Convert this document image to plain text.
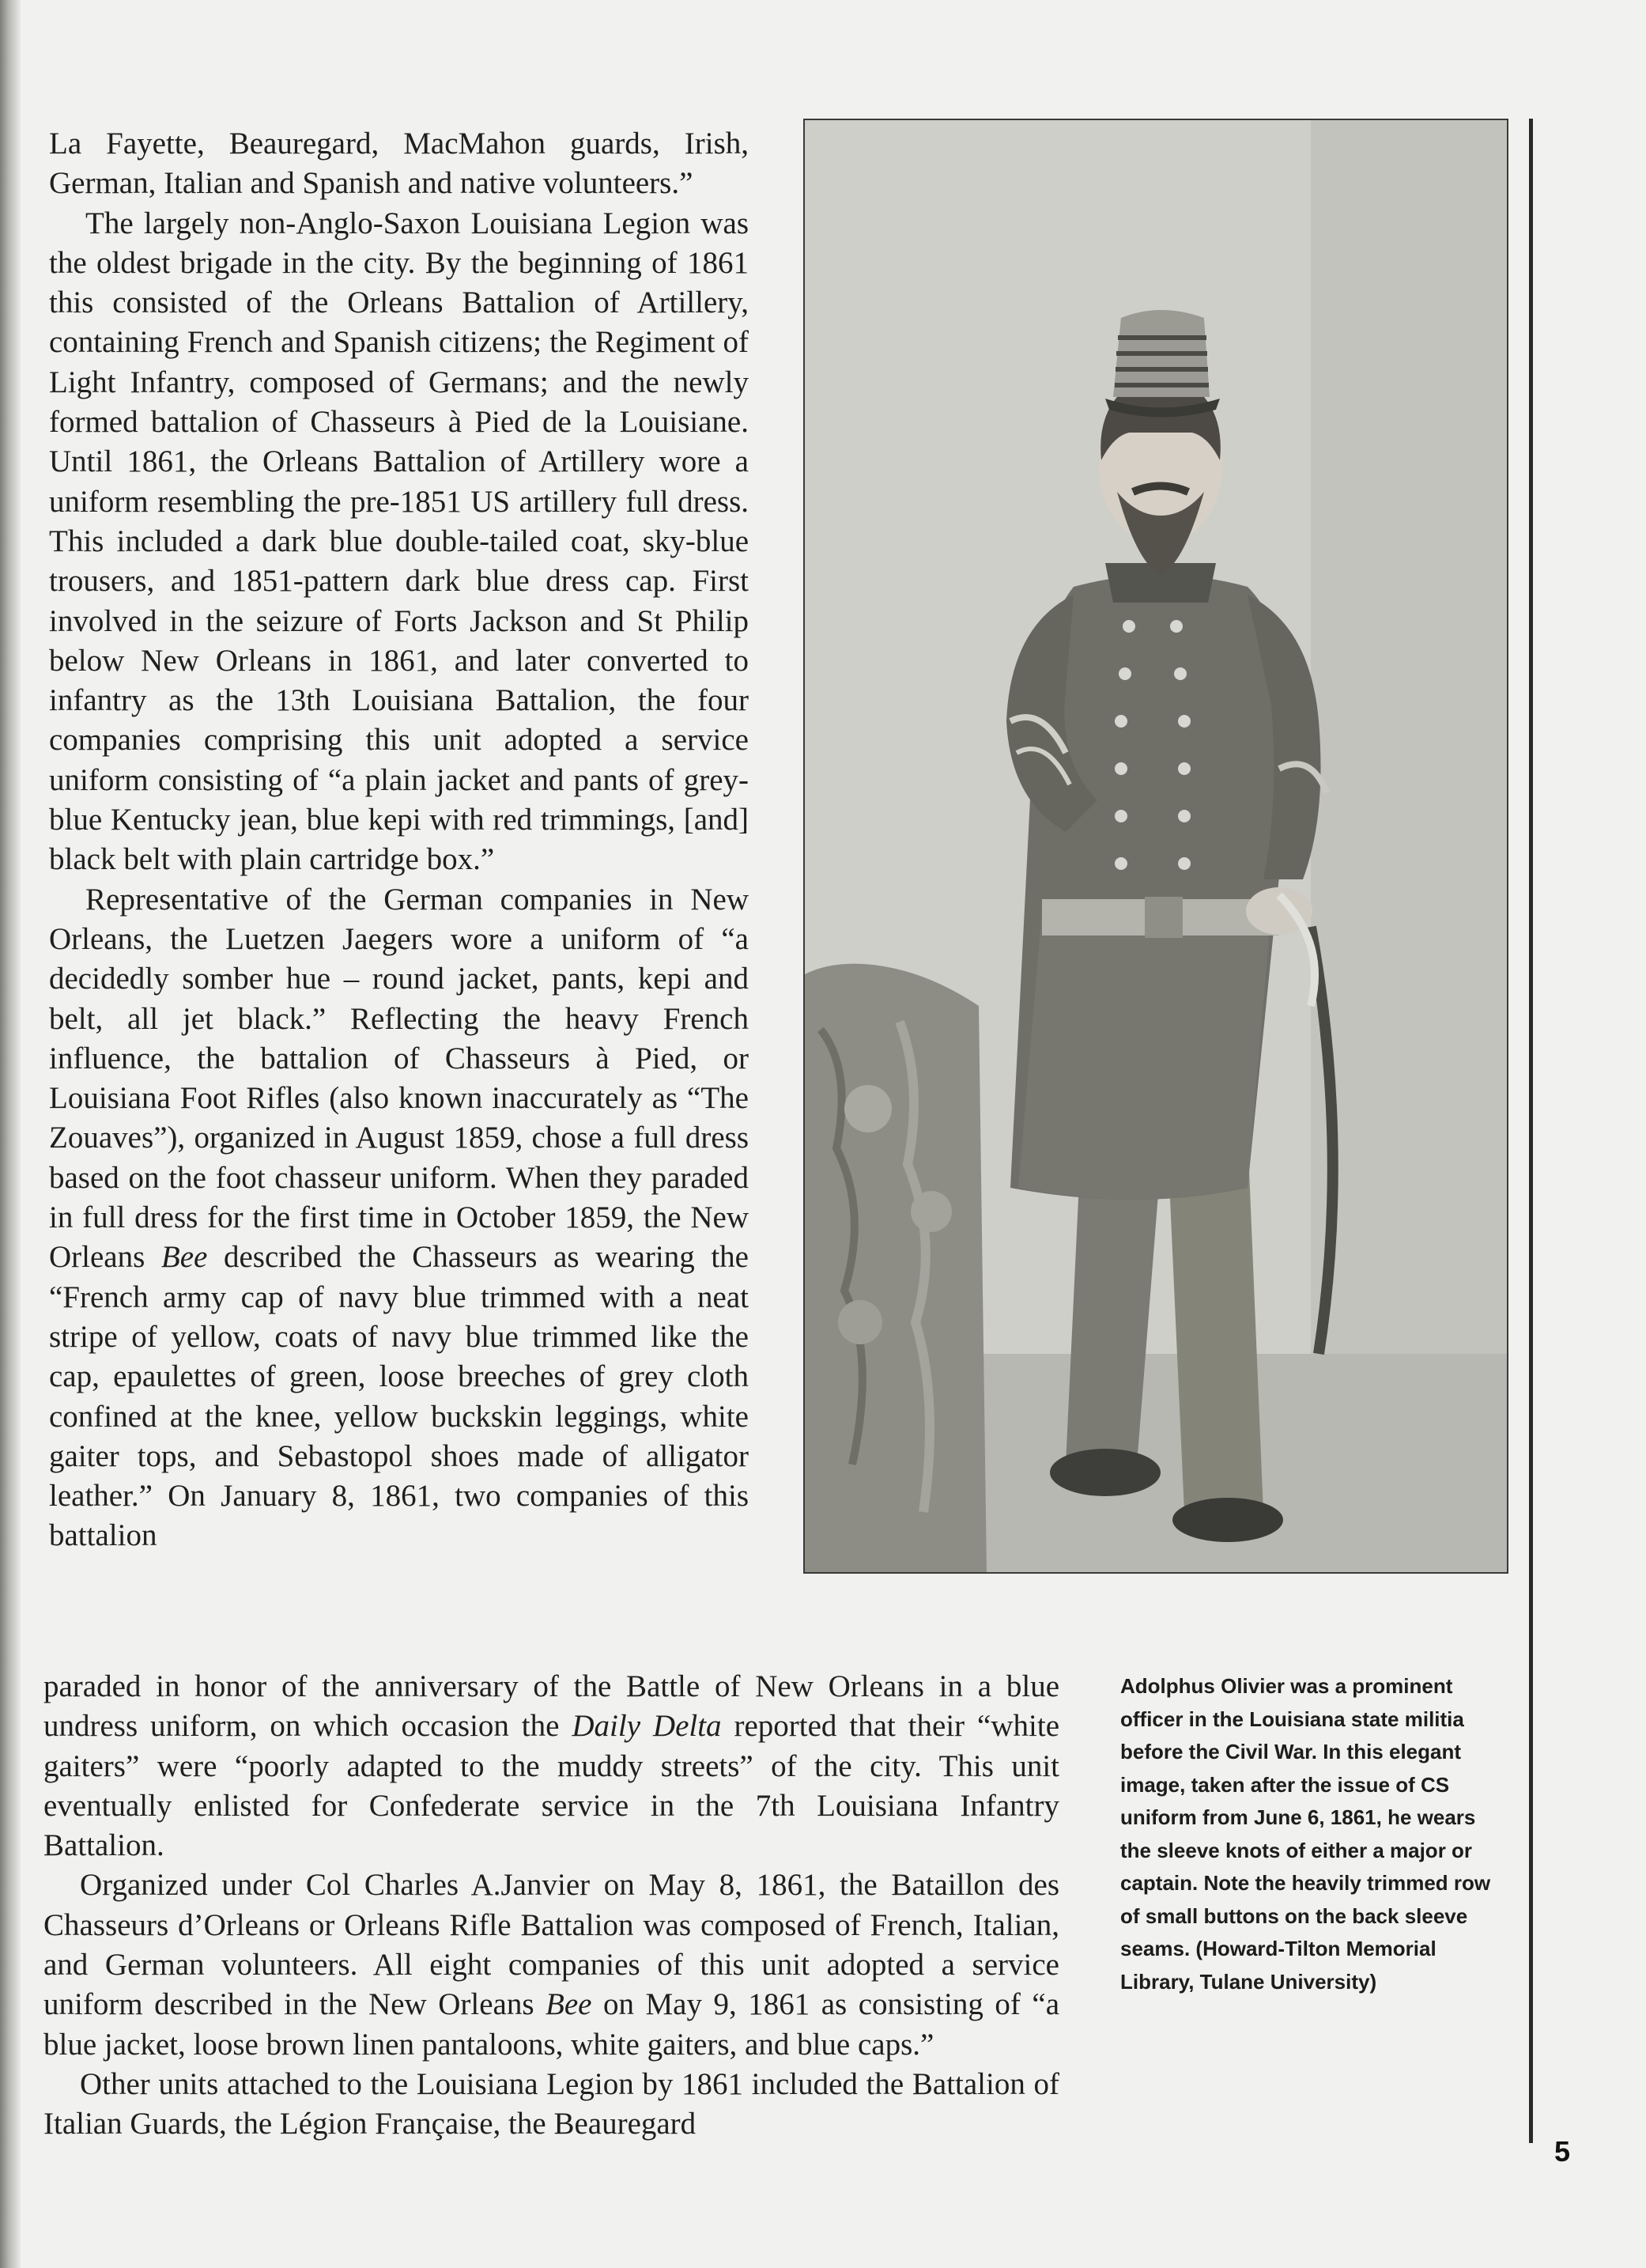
La Fayette, Beauregard, MacMahon guards, Irish, German, Italian and Spanish and native volunteers.”

The largely non-Anglo-Saxon Louisiana Legion was the oldest brigade in the city. By the beginning of 1861 this consisted of the Orleans Battalion of Artillery, containing French and Spanish citizens; the Regiment of Light Infantry, composed of Germans; and the newly formed battalion of Chasseurs à Pied de la Louisiane. Until 1861, the Orleans Battalion of Artillery wore a uniform resembling the pre-1851 US artillery full dress. This included a dark blue double-tailed coat, sky-blue trousers, and 1851-pattern dark blue dress cap. First involved in the seizure of Forts Jackson and St Philip below New Orleans in 1861, and later converted to infantry as the 13th Louisiana Battalion, the four companies comprising this unit adopted a service uniform consisting of “a plain jacket and pants of grey-blue Kentucky jean, blue kepi with red trimmings, [and] black belt with plain cartridge box.”

Representative of the German companies in New Orleans, the Luetzen Jaegers wore a uniform of “a decidedly somber hue – round jacket, pants, kepi and belt, all jet black.” Reflecting the heavy French influence, the battalion of Chasseurs à Pied, or Louisiana Foot Rifles (also known inaccurately as “The Zouaves”), organized in August 1859, chose a full dress based on the foot chasseur uniform. When they paraded in full dress for the first time in October 1859, the New Orleans Bee described the Chasseurs as wearing the “French army cap of navy blue trimmed with a neat stripe of yellow, coats of navy blue trimmed like the cap, epaulettes of green, loose breeches of grey cloth confined at the knee, yellow buckskin leggings, white gaiter tops, and Sebastopol shoes made of alligator leather.” On January 8, 1861, two companies of this battalion

paraded in honor of the anniversary of the Battle of New Orleans in a blue undress uniform, on which occasion the Daily Delta reported that their “white gaiters” were “poorly adapted to the muddy streets” of the city. This unit eventually enlisted for Confederate service in the 7th Louisiana Infantry Battalion.

Organized under Col Charles A.Janvier on May 8, 1861, the Bataillon des Chasseurs d’Orleans or Orleans Rifle Battalion was composed of French, Italian, and German volunteers. All eight companies of this unit adopted a service uniform described in the New Orleans Bee on May 9, 1861 as consisting of “a blue jacket, loose brown linen pantaloons, white gaiters, and blue caps.”

Other units attached to the Louisiana Legion by 1861 included the Battalion of Italian Guards, the Légion Française, the Beauregard

Adolphus Olivier was a prominent officer in the Louisiana state militia before the Civil War. In this elegant image, taken after the issue of CS uniform from June 6, 1861, he wears the sleeve knots of either a major or captain. Note the heavily trimmed row of small buttons on the back sleeve seams. (Howard-Tilton Memorial Library, Tulane University)
5
